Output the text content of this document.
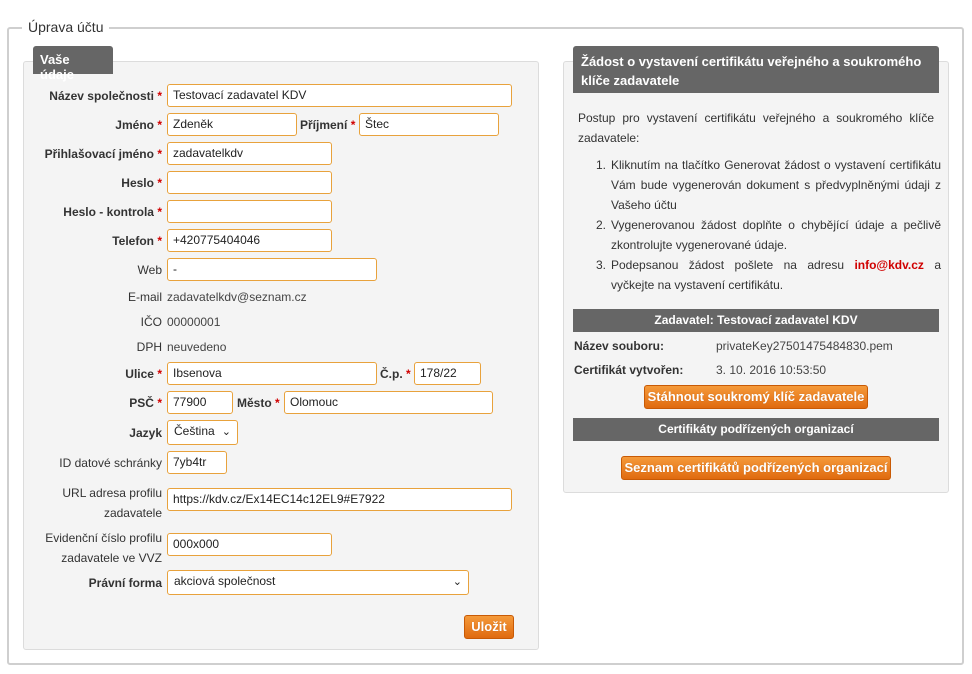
Úprava účtu
Vaše údaje
Název společnosti * Testovací zadavatel KDV
Jméno * Zdeněk	Příjmení * Štec
Přihlašovací jméno * zadavatelkdv
Heslo *
Heslo - kontrola *
Telefon * +420775404046
Web -
E-mail zadavatelkdv@seznam.cz
IČO 00000001
DPH neuvedeno
Ulice * Ibsenova	Č.p. * 178/22
PSČ * 77900	Město * Olomouc
Jazyk	Čeština ⌄
ID datové schránky 7yb4tr
URL adresa profilu
zadavatele
https://kdv.cz/Ex14EC14c12EL9#E7922
Evidenční číslo profilu
zadavatele ve VVZ
000x000
Právní forma	akciová společnost	⌄
Uložit
Žádost o vystavení certifikátu veřejného a soukromého klíče zadavatele
Postup pro vystavení certifikátu veřejného a soukromého klíče zadavatele:
1. Kliknutím na tlačítko Generovat žádost o vystavení certifikátu Vám bude vygenerován dokument s předvyplněnými údaji z Vašeho účtu
2. Vygenerovanou žádost doplňte o chybějící údaje a pečlivě zkontrolujte vygenerované údaje.
3. Podepsanou žádost pošlete na adresu info@kdv.cz a vyčkejte na vystavení certifikátu.
Zadavatel: Testovací zadavatel KDV
Název souboru:	privateKey27501475484830.pem
Certifikát vytvořen:	3. 10. 2016 10:53:50
Stáhnout soukromý klíč zadavatele
Certifikáty podřízených organizací
Seznam certifikátů podřízených organizací
